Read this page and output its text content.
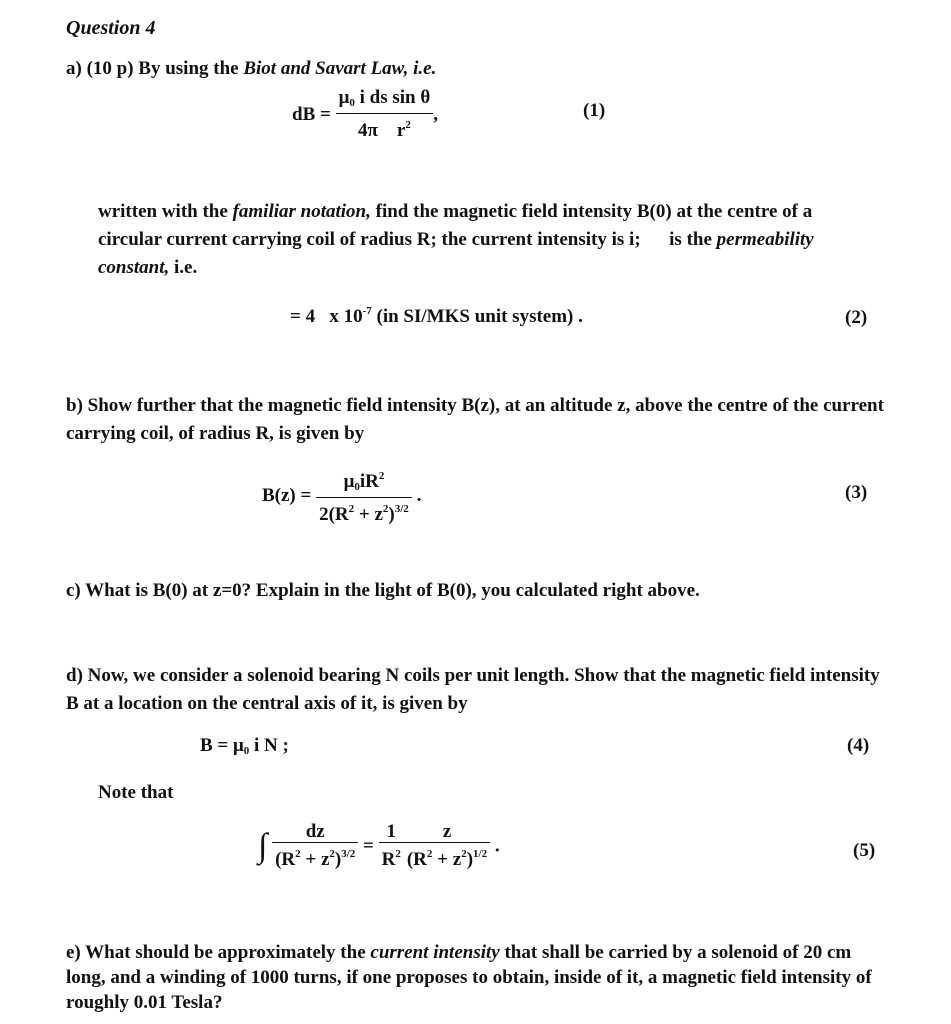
Question 4
a) (10 p) By using the Biot and Savart Law, i.e.
dB = $\frac{\mu_0 i ds \sin \theta}{4\pi r^2}$ ,	(1)
written with the familiar notation, find the magnetic field intensity B(0) at the centre of a circular current carrying coil of radius R; the current intensity is i;      is the permeability constant, i.e.
= 4   x $10^{-7}$ (in SI/MKS unit system) .	(2)
b) Show further that the magnetic field intensity B(z), at an altitude z, above the centre of the current carrying coil, of radius R, is given by
$B(z) = \frac{\mu_0iR^2}{2(R^2 + z^2)^{3/2}}$ .	(3)
c) What is B(0) at z=0? Explain in the light of B(0), you calculated right above.
d) Now, we consider a solenoid bearing N coils per unit length. Show that the magnetic field intensity B at a location on the central axis of it, is given by
$B = \mu_0$ i N ;	(4)
Note that
∫ $\frac{dz}{(R^2 + z^2)^{3/2}} = \frac{1}{R^2} \frac{z}{(R^2 + z^2)^{1/2}}$ .	(5)
e) What should be approximately the current intensity that shall be carried by a solenoid of 20 cm long, and a winding of 1000 turns, if one proposes to obtain, inside of it, a magnetic field intensity of roughly 0.01 Tesla?
